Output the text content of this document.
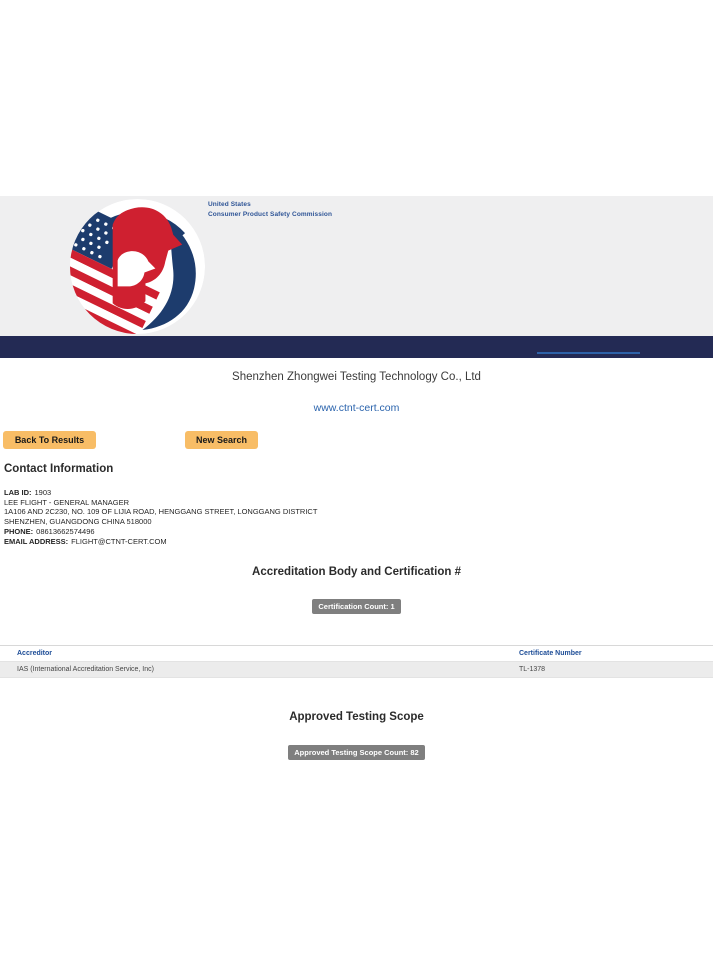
United States
Consumer Product Safety Commission
Shenzhen Zhongwei Testing Technology Co., Ltd
www.ctnt-cert.com
Back To Results	New Search
Contact Information
LAB ID: 1903
LEE FLIGHT - GENERAL MANAGER
1A106 AND 2C230, NO. 109 OF LIJIA ROAD, HENGGANG STREET, LONGGANG DISTRICT
SHENZHEN, GUANGDONG CHINA 518000
PHONE: 08613662574496
EMAIL ADDRESS: FLIGHT@CTNT-CERT.COM
Accreditation Body and Certification #
Certification Count: 1
Accreditor	Certificate Number
IAS (International Accreditation Service, Inc)	TL-1378
Approved Testing Scope
Approved Testing Scope Count: 82
